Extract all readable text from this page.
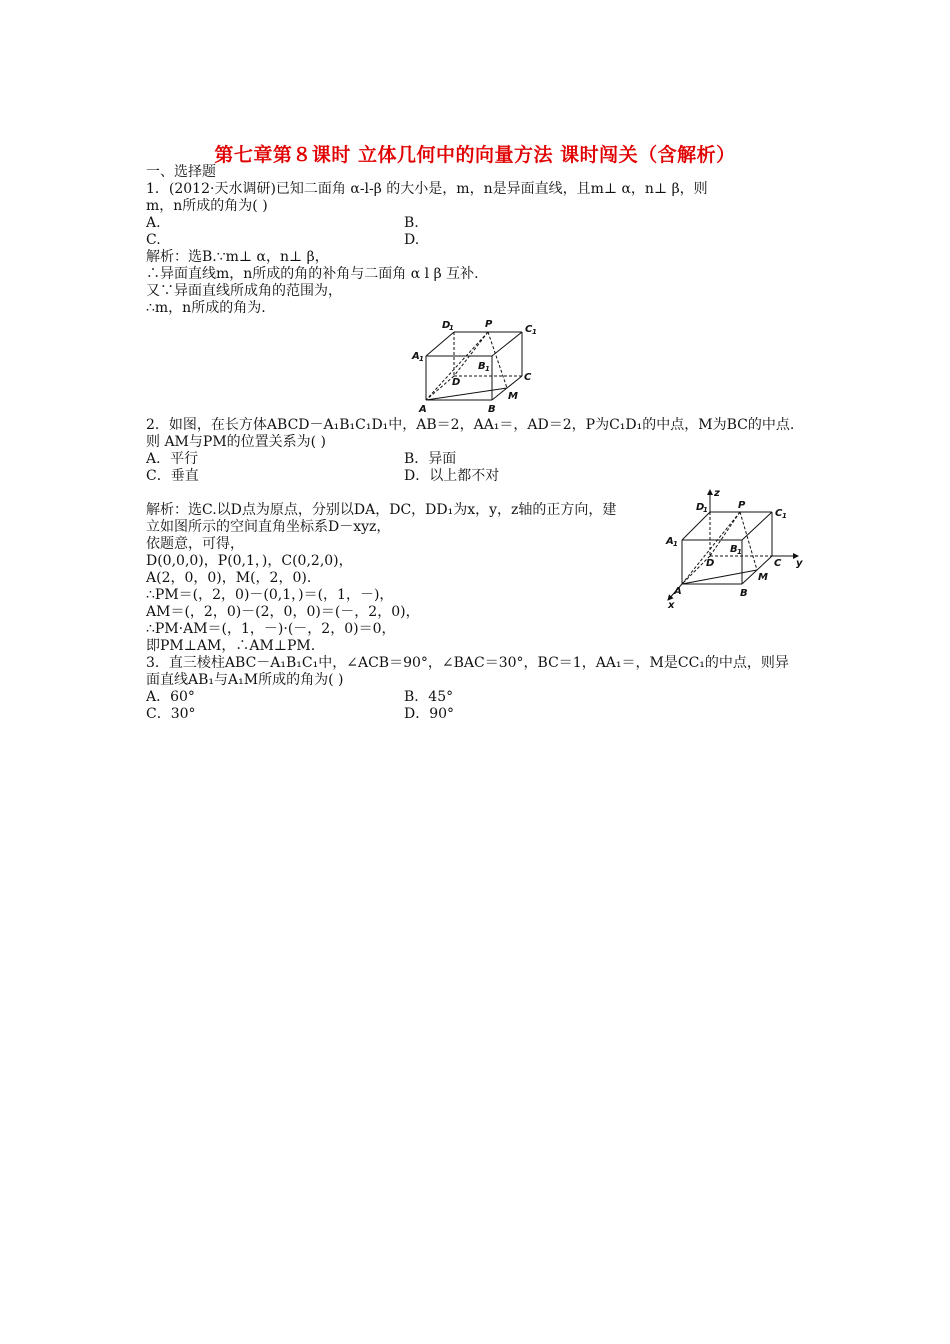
第七章第８课时 立体几何中的向量方法 课时闯关（含解析）
一、选择题
1．(2012·天水调研)已知二面角 α-l-β 的大小是，m，n是异面直线，且m⊥ α，n⊥ β，则
m，n所成的角为( )
A.	B.
C.	D.
解析：选B.∵m⊥ α，n⊥ β，
∴异面直线m，n所成的角的补角与二面角 α l β 互补.
又∵异面直线所成角的范围为，
∴m，n所成的角为.
D
1	P	C 1
A 1
B 1
D	C
A	B
M
2．如图，在长方体ABCD－A₁B₁C₁D₁中，AB＝2，AA₁＝，AD＝2，P为C₁D₁的中点，M为BC的中点.
则 AM与PM的位置关系为( )
A．平行	B．异面
C．垂直	D．以上都不对
解析：选C.以D点为原点，分别以DA，DC，DD₁为x，y，z轴的正方向，建
立如图所示的空间直角坐标系D－xyz，
依题意，可得，
D(0,0,0)，P(0,1，)，C(0,2,0)，
A(2，0，0)，M(，2，0).
∴PM＝(，2，0)－(0,1，)＝(，1，－)，
AM＝(，2，0)－(2，0，0)＝(－，2，0)，
∴PM·AM＝(，1，－)·(－，2，0)＝0，
即PM⊥AM，∴AM⊥PM.
z
D
1	P
C 1
A 1	B 1
D	C y
A	B
M
x
3．直三棱柱ABC－A₁B₁C₁中，∠ACB＝90°，∠BAC＝30°，BC＝1，AA₁＝，M是CC₁的中点，则异
面直线AB₁与A₁M所成的角为( )
A．60°	B．45°
C．30°	D．90°
